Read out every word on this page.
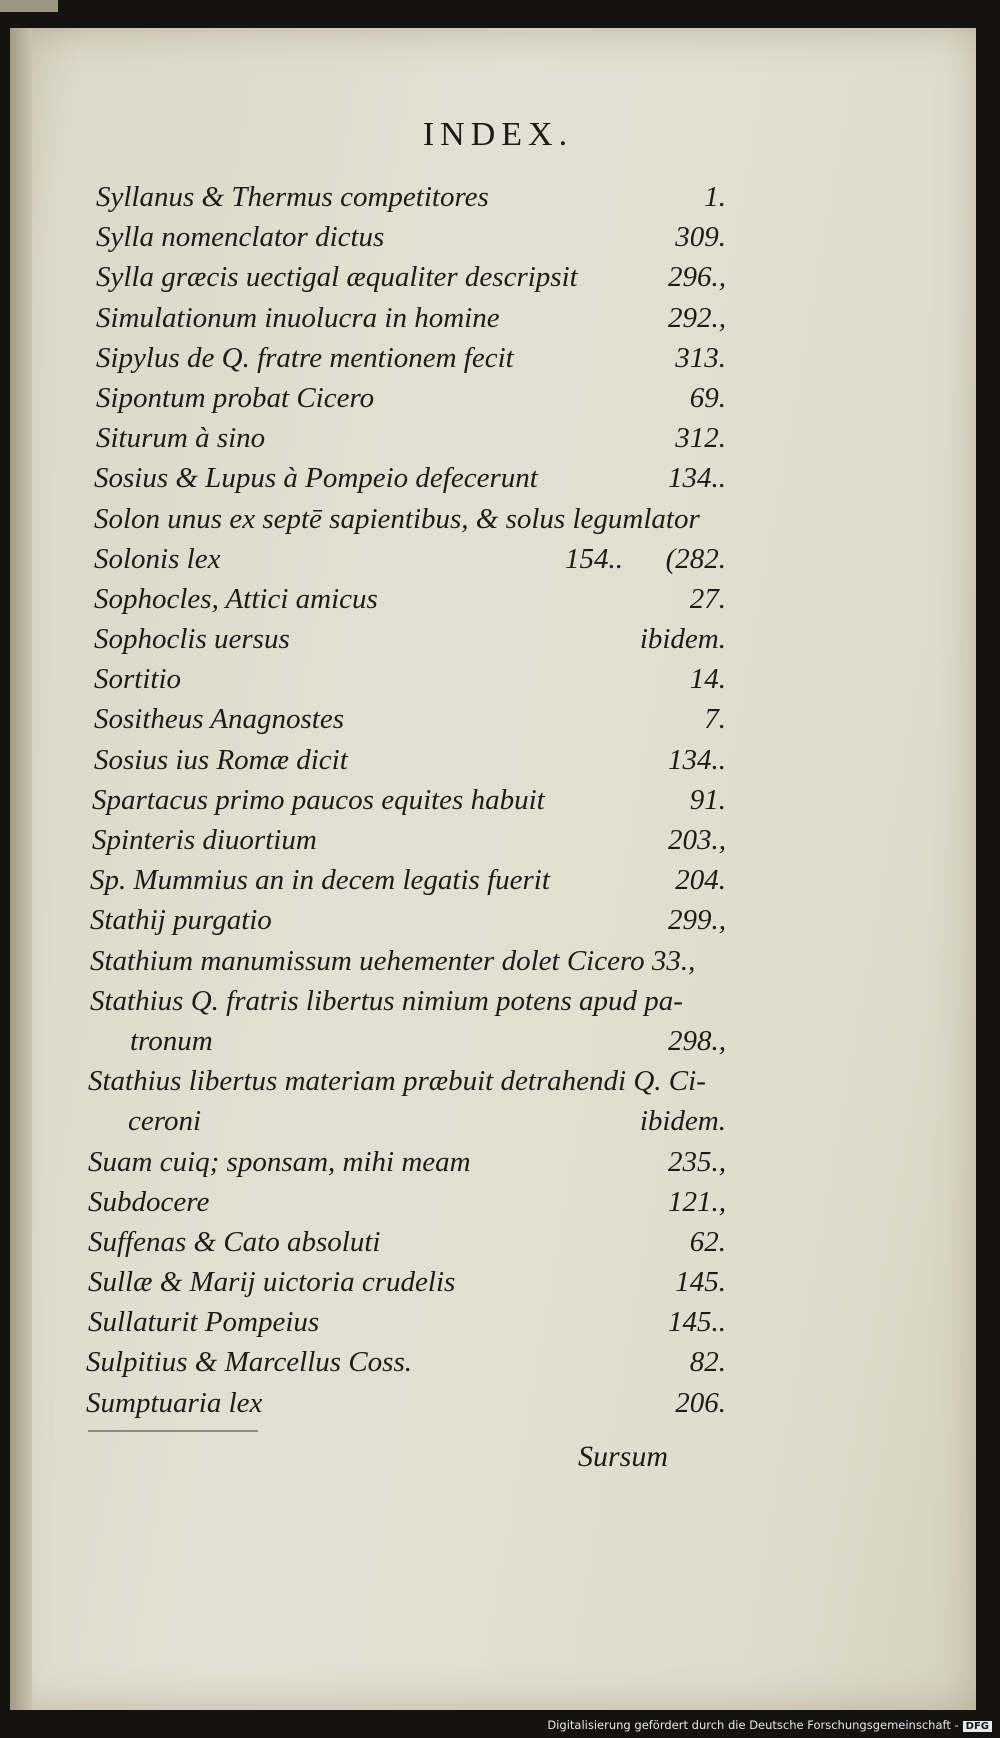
INDEX.
Syllanus & Thermus competitores	1.
Sylla nomenclator dictus	309.
Sylla græcis uectigal æqualiter descripsit	296.,
Simulationum inuolucra in homine	292.,
Sipylus de Q. fratre mentionem fecit	313.
Sipontum probat Cicero	69.
Siturum à sino	312.
Sosius & Lupus à Pompeio defecerunt	134..
Solon unus ex septē sapientibus, & solus legumlator
Solonis lex	154..	(282.
Sophocles, Attici amicus	27.
Sophoclis uersus	ibidem.
Sortitio	14.
Sositheus Anagnostes	7.
Sosius ius Romæ dicit	134..
Spartacus primo paucos equites habuit	91.
Spinteris diuortium	203.,
Sp. Mummius an in decem legatis fuerit	204.
Stathij purgatio	299.,
Stathium manumissum uehementer dolet Cicero 33.,
Stathius Q. fratris libertus nimium potens apud pa-
tronum	298.,
Stathius libertus materiam præbuit detrahendi Q. Ci-
ceroni	ibidem.
Suam cuiq; sponsam, mihi meam	235.,
Subdocere	121.,
Suffenas & Cato absoluti	62.
Sullæ & Marij uictoria crudelis	145.
Sullaturit Pompeius	145..
Sulpitius & Marcellus Coss.	82.
Sumptuaria lex	206.
Sursum
Digitalisierung gefördert durch die Deutsche Forschungsgemeinschaft - DFG
